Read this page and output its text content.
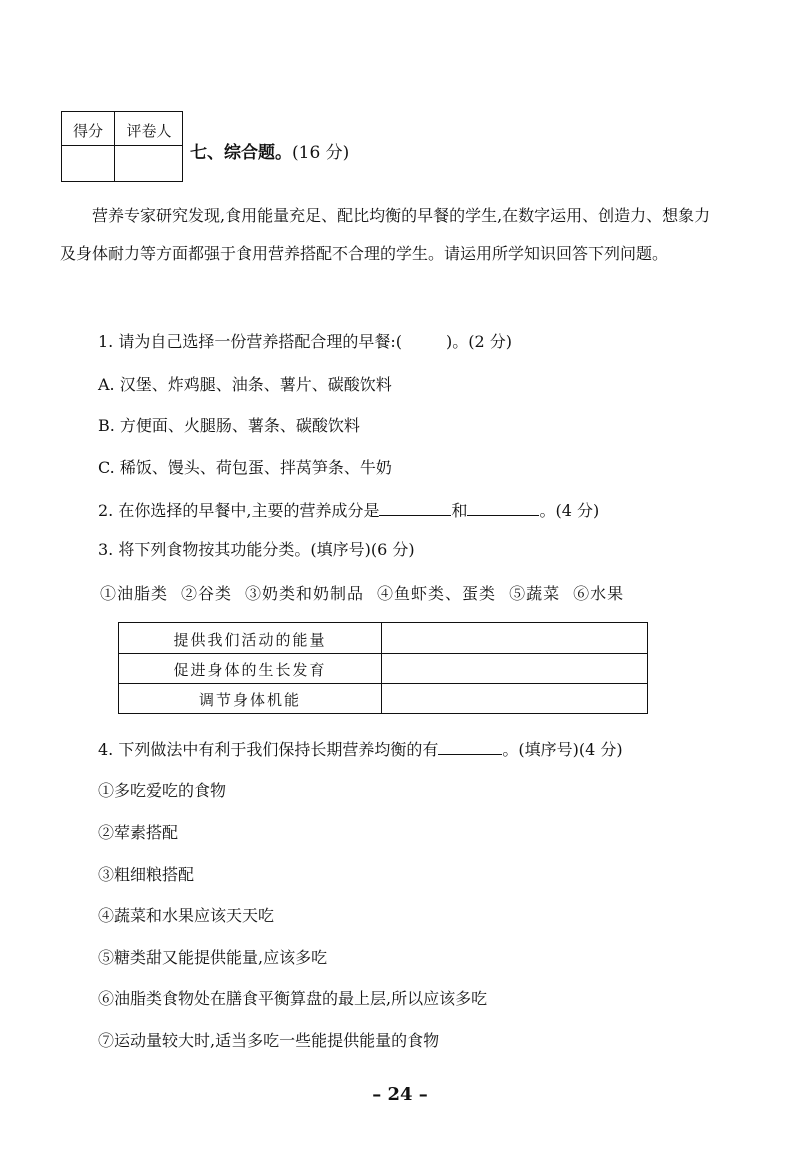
得分	评卷人
七、综合题。(16 分)
营养专家研究发现,食用能量充足、配比均衡的早餐的学生,在数字运用、创造力、想象力及身体耐力等方面都强于食用营养搭配不合理的学生。请运用所学知识回答下列问题。
1. 请为自己选择一份营养搭配合理的早餐:(	)。(2 分)
A. 汉堡、炸鸡腿、油条、薯片、碳酸饮料
B. 方便面、火腿肠、薯条、碳酸饮料
C. 稀饭、馒头、荷包蛋、拌莴笋条、牛奶
2. 在你选择的早餐中,主要的营养成分是	和	。(4 分)
3. 将下列食物按其功能分类。(填序号)(6 分)
①油脂类 ②谷类 ③奶类和奶制品 ④鱼虾类、蛋类 ⑤蔬菜 ⑥水果
提供我们活动的能量
促进身体的生长发育
调节身体机能
4. 下列做法中有利于我们保持长期营养均衡的有	。(填序号)(4 分)
①多吃爱吃的食物
②荤素搭配
③粗细粮搭配
④蔬菜和水果应该天天吃
⑤糖类甜又能提供能量,应该多吃
⑥油脂类食物处在膳食平衡算盘的最上层,所以应该多吃
⑦运动量较大时,适当多吃一些能提供能量的食物
– 24 –
